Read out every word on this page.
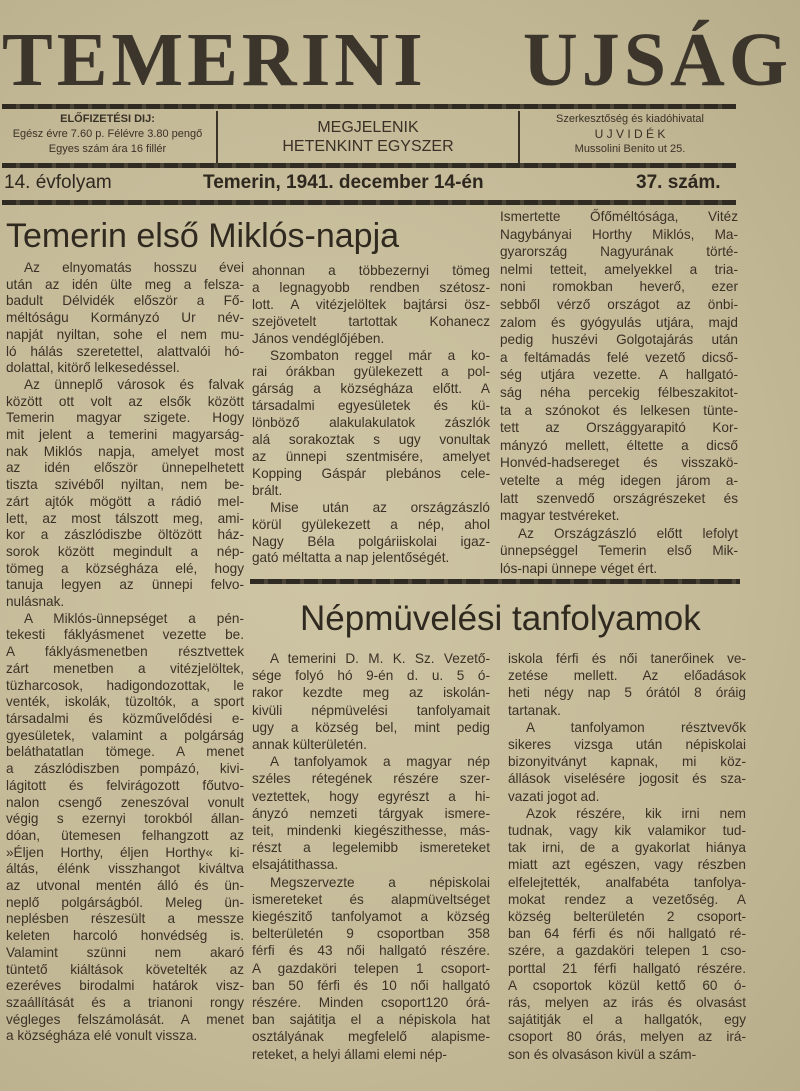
TEMERINI UJSÁG
ELŐFIZETÉSI DIJ:
Egész évre 7.60 p. Félévre 3.80 pengő
Egyes szám ára 16 fillér
MEGJELENIK
HETENKINT EGYSZER
Szerkesztőség és kiadóhivatal
U J V I D É K
Mussolini Benito ut 25.
14. évfolyam	Temerin, 1941. december 14-én	37. szám.
Temerin első Miklós-napja
Az elnyomatás hosszu évei
után az idén ülte meg a felsza-
badult Délvidék először a Fő-
méltóságu Kormányzó Ur név-
napját nyiltan, sohe el nem mu-
ló hálás szeretettel, alattvalói hó-
dolattal, kitörő lelkesedéssel.
Az ünneplő városok és falvak
között ott volt az elsők között
Temerin magyar szigete. Hogy
mit jelent a temerini magyarság-
nak Miklós napja, amelyet most
az idén először ünnepelhetett
tiszta szivéből nyiltan, nem be-
zárt ajtók mögött a rádió mel-
lett, az most tálszott meg, ami-
kor a zászlódiszbe öltözött ház-
sorok között megindult a nép-
tömeg a községháza elé, hogy
tanuja legyen az ünnepi felvo-
nulásnak.
A Miklós-ünnepséget a pén-
tekesti fáklyásmenet vezette be.
A fáklyásmenetben résztvettek
zárt menetben a vitézjelöltek,
tüzharcosok, hadigondozottak, le
venték, iskolák, tüzoltók, a sport
társadalmi és közművelődési e-
gyesületek, valamint a polgárság
beláthatatlan tömege. A menet
a zászlódiszben pompázó, kivi-
lágitott és felvirágozott főutvo-
nalon csengő zeneszóval vonult
végig s ezernyi torokból állan-
dóan, ütemesen felhangzott az
»Éljen Horthy, éljen Horthy« ki-
áltás, élénk visszhangot kiváltva
az utvonal mentén álló és ün-
neplő polgárságból. Meleg ün-
neplésben részesült a messze
keleten harcoló honvédség is.
Valamint szünni nem akaró
tüntető kiáltások követelték az
ezeréves birodalmi határok visz-
szaállítását és a trianoni rongy
végleges felszámolását. A menet
a községháza elé vonult vissza.
ahonnan a többezernyi tömeg
a legnagyobb rendben szétosz-
lott. A vitézjelöltek bajtársi ösz-
szejövetelt tartottak Kohanecz
János vendéglőjében.
Szombaton reggel már a ko-
rai órákban gyülekezett a pol-
gárság a községháza előtt. A
társadalmi egyesületek és kü-
lönböző alakulakulatok zászlók
alá sorakoztak s ugy vonultak
az ünnepi szentmisére, amelyet
Kopping Gáspár plebános cele-
brált.
Mise után az országzászló
körül gyülekezett a nép, ahol
Nagy Béla polgáriiskolai igaz-
gató méltatta a nap jelentőségét.
Ismertette Őfőméltósága, Vitéz
Nagybányai Horthy Miklós, Ma-
gyarország Nagyurának törté-
nelmi tetteit, amelyekkel a tria-
noni romokban heverő, ezer
sebből vérző országot az önbi-
zalom és gyógyulás utjára, majd
pedig huszévi Golgotajárás után
a feltámadás felé vezető dicső-
ség utjára vezette. A hallgató-
ság néha percekig félbeszakitot-
ta a szónokot és lelkesen tünte-
tett az Országgyarapitó Kor-
mányzó mellett, éltette a dicső
Honvéd-hadsereget és visszakö-
vetelte a még idegen járom a-
latt szenvedő országrészeket és
magyar testvéreket.
Az Országzászló előtt lefolyt
ünnepséggel Temerin első Mik-
lós-napi ünnepe véget ért.
Népmüvelési tanfolyamok
A temerini D. M. K. Sz. Vezető-
sége folyó hó 9-én d. u. 5 ó-
rakor kezdte meg az iskolán-
kivüli népmüvelési tanfolyamait
ugy a község bel, mint pedig
annak külterületén.
A tanfolyamok a magyar nép
széles rétegének részére szer-
veztettek, hogy egyrészt a hi-
ányzó nemzeti tárgyak ismere-
teit, mindenki kiegészithesse, más-
részt a legelemibb ismereteket
elsajátithassa.
Megszervezte a népiskolai
ismereteket és alapmüveltséget
kiegészitő tanfolyamot a község
belterületén 9 csoportban 358
férfi és 43 női hallgató részére.
A gazdaköri telepen 1 csoport-
ban 50 férfi és 10 női hallgató
részére. Minden csoport120 órá-
ban sajátitja el a népiskola hat
osztályának megfelelő alapisme-
reteket, a helyi állami elemi nép-
iskola férfi és női tanerőinek ve-
zetése mellett. Az előadások
heti négy nap 5 órától 8 óráig
tartanak.
A tanfolyamon résztvevők
sikeres vizsga után népiskolai
bizonyitványt kapnak, mi köz-
állások viselésére jogosit és sza-
vazati jogot ad.
Azok részére, kik irni nem
tudnak, vagy kik valamikor tud-
tak irni, de a gyakorlat hiánya
miatt azt egészen, vagy részben
elfelejtették, analfabéta tanfolya-
mokat rendez a vezetőség. A
község belterületén 2 csoport-
ban 64 férfi és női hallgató ré-
szére, a gazdaköri telepen 1 cso-
porttal 21 férfi hallgató részére.
A csoportok közül kettő 60 ó-
rás, melyen az irás és olvasást
sajátitják el a hallgatók, egy
csoport 80 órás, melyen az irá-
son és olvasáson kivül a szám-
